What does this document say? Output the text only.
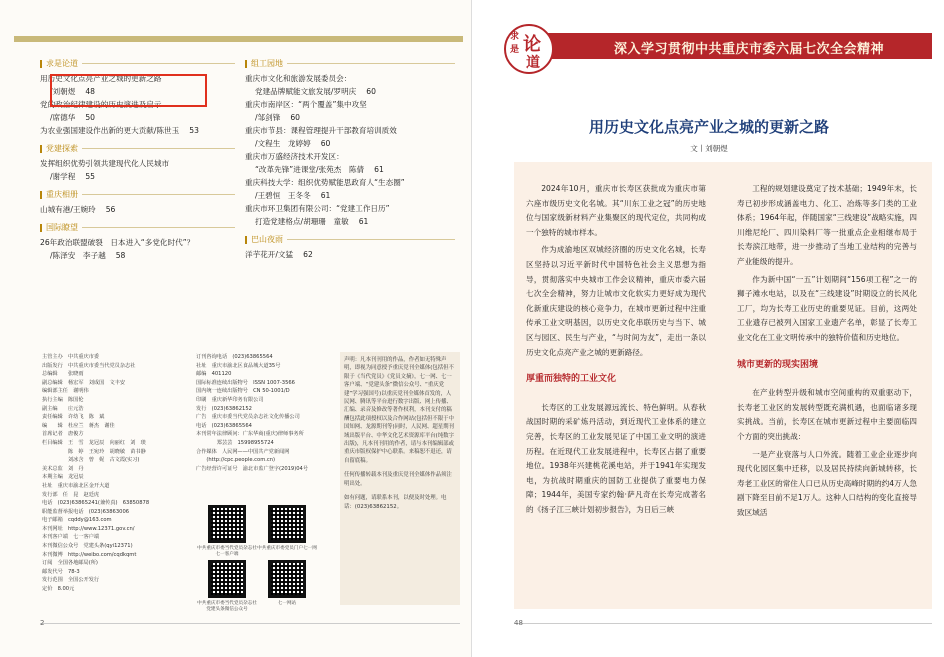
求是论道
用历史文化点亮产业之城的更新之路
/刘朝煜 48
党的政治纪律建设的历史演进及启示
/席德华 50
为农业强国建设作出新的更大贡献/陈世玉 53
党建探索
发挥组织优势引领共建现代化人民城市
/谢学程 55
重庆相册
山城有港/王婉玲 56
国际瞭望
26年政治联盟破裂　日本进入“多党化时代”？
/陈泽安　李子越 58
组工园地
重庆市文化和旅游发展委员会：
党建品牌赋能文旅发展/罗明庆 60
重庆市南岸区：“两个覆盖”集中攻坚
/邹剑锋 60
重庆市节县：课程管理提升干部教育培训质效
/文程生　龙婷婷 60
重庆市万盛经济技术开发区：
“改革先锋”进课堂/张苑杰　陈倩 61
重庆科技大学：组织优势赋能思政育人“生态圈”
/王碧恒　王冬冬 61
重庆市环卫集团有限公司：“党建工作日历”
打造党建格点/胡珊珊　童敏 61
巴山夜雨
洋芋花开/文猛 62
主管主办　中共重庆市委
出版发行　中共重庆市委当代党员杂志社
总编辑　　张晓雨
副总编辑　杨宏军　刘成国　文丰安
编辑部主任　谢明伟
执行主编　陈国伦
副主编　　庄元浩
责任编辑　许幼飞　陈　斌
编　　辑　杜应兰　蒋杰　谢佳
首席记者　唐俊方
栏目编辑　王　雪　龙冠辰　向丽红　刘　琰
　　　　　陈　婷　王宛玲　胡晓敏　苗书静
　　　　　刘冰含　曾　妮　古文霞(实习)
美术总监　刘　丹
本期主编　龙冠辰
社址　重庆市渝北区金开大道
发行部　任　昆　赵廷虎
电话　(023)63865241(兼传真)　63850878
职能监督举报电话　(023)63863006
电子邮箱　cqddy@163.com
本刊网址　http://www.12371.gov.cn/
本刊客户端　七一客户端
本刊微信公众号　党建头条(qyi12371)
本刊微博　http://weibo.com/cqdkqmt
订阅　全国各地邮局(所)
邮发代号　78-3
发行范围　全国公开发行
定价　8.00元
订刊咨询电话　(023)63865564
社址　重庆市渝北区食品城大道35号
邮编　401120
国际标准连续出版物号　ISSN 1007-3566
国内统一连续出版物号　CN 50-1001/D
印刷　重庆新华印务有限公司
发行　(023)63862152
广告　重庆市委当代党员杂志社文化传播公司
电话　(023)63865564
本刊常年法律顾问：广东华商(重庆)律师事务所
　　　　郑芸芸　15998955724
合作媒体　人民网——中国共产党新闻网
　　(http://cpc.people.com.cn)
广告经营许可证号　渝北市监广登字(2019)04号
中共重庆市委当代党员杂志社七一客户端
中共重庆市委党员门户七一网
中共重庆市委当代党员杂志社党建头条微信公众号
七一网站
声明：凡本刊刊用的作品，作者如无特殊声明，即视为同意授予重庆党刊全媒体(包括但不限于《当代党员》《党员文摘》，七一网、七一客户端、“党建头条”微信公众号、“重庆党建”学习强国号)以重庆党刊全媒体首发的，人民网、腾讯等平台进行数字出版、网上传播、汇编、录音及修改等著作权利，本刊支付的稿酬包括此项授权以及合作网站(包括但不限于中国知网、龙源期刊等)同时，人民网、超星期刊域出版平台、中华文化艺术资源库平台(纯数字出版)，凡本刊刊用的作者，请与本刊编辑部或重庆市版权保护中心联系。来稿恕不退还，请自留底稿。
任何传播转载本刊及重庆党刊全媒体作品须注明出处。
如有问题，请联系本刊，以便及时处理。电话：(023)63862152。
2
深入学习贯彻中共重庆市委六届七次全会精神
求
是 论
道
用历史文化点亮产业之城的更新之路
文丨刘朝煜

2024年10月，重庆市长寿区获批成为重庆市第六座市级历史文化名城。其“川东工业之冠”的历史地位与国家级新材料产业集聚区的现代定位，共同构成一个独特的城市样本。

作为成渝地区双城经济圈的历史文化名城，长寿区坚持以习近平新时代中国特色社会主义思想为指导，贯彻落实中央城市工作会议精神，重庆市委六届七次全会精神，努力让城市文化软实力更好成为现代化新重庆建设的核心竞争力，在城市更新过程中注重传承工业文明基因，以历史文化串联历史与当下、城区与园区、民生与产业，“与时间为友”，走出一条以历史文化点亮产业之城的更新路径。

厚重而独特的工业文化

长寿区的工业发展源远流长、特色鲜明。从春秋战国时期的采矿炼丹活动，到近现代工业体系的建立完善，长寿区的工业发展见证了中国工业文明的演进历程。在近现代工业发展进程中，长寿区占据了重要地位。1938年兴建桃花溪电站，并于1941年实现发电，为抗战时期重庆的国防工业提供了重要电力保障；1944年，美国专家约翰·萨凡奇在长寿完成著名的《扬子江三峡计划初步报告》，为日后三峡

工程的规划建设奠定了技术基础；1949年末，长寿已初步形成涵盖电力、化工、冶炼等多门类的工业体系；1964年起，伴随国家“三线建设”战略实施，四川维尼纶厂、四川染料厂等一批重点企业相继布局于长寿滨江地带，进一步推动了当地工业结构的完善与产业能级的提升。

作为新中国“一五”计划期间“156项工程”之一的狮子滩水电站，以及在“三线建设”时期设立的长风化工厂，均为长寿工业历史的重要见证。目前，这两处工业遗存已被列入国家工业遗产名单，彰显了长寿工业文化在工业文明传承中的独特价值和历史地位。

城市更新的现实困境

在产业转型升级和城市空间重构的双重驱动下，长寿老工业区的发展转型既充满机遇，也面临诸多现实挑战。当前，长寿区在城市更新过程中主要面临四个方面的突出挑战：

一是产业衰落与人口外流。随着工业企业逐步向现代化园区集中迁移，以及居民持续向新城转移，长寿老工业区的常住人口已从历史高峰时期的约4万人急剧下降至目前不足1万人。这种人口结构的变化直接导致区域活

48
